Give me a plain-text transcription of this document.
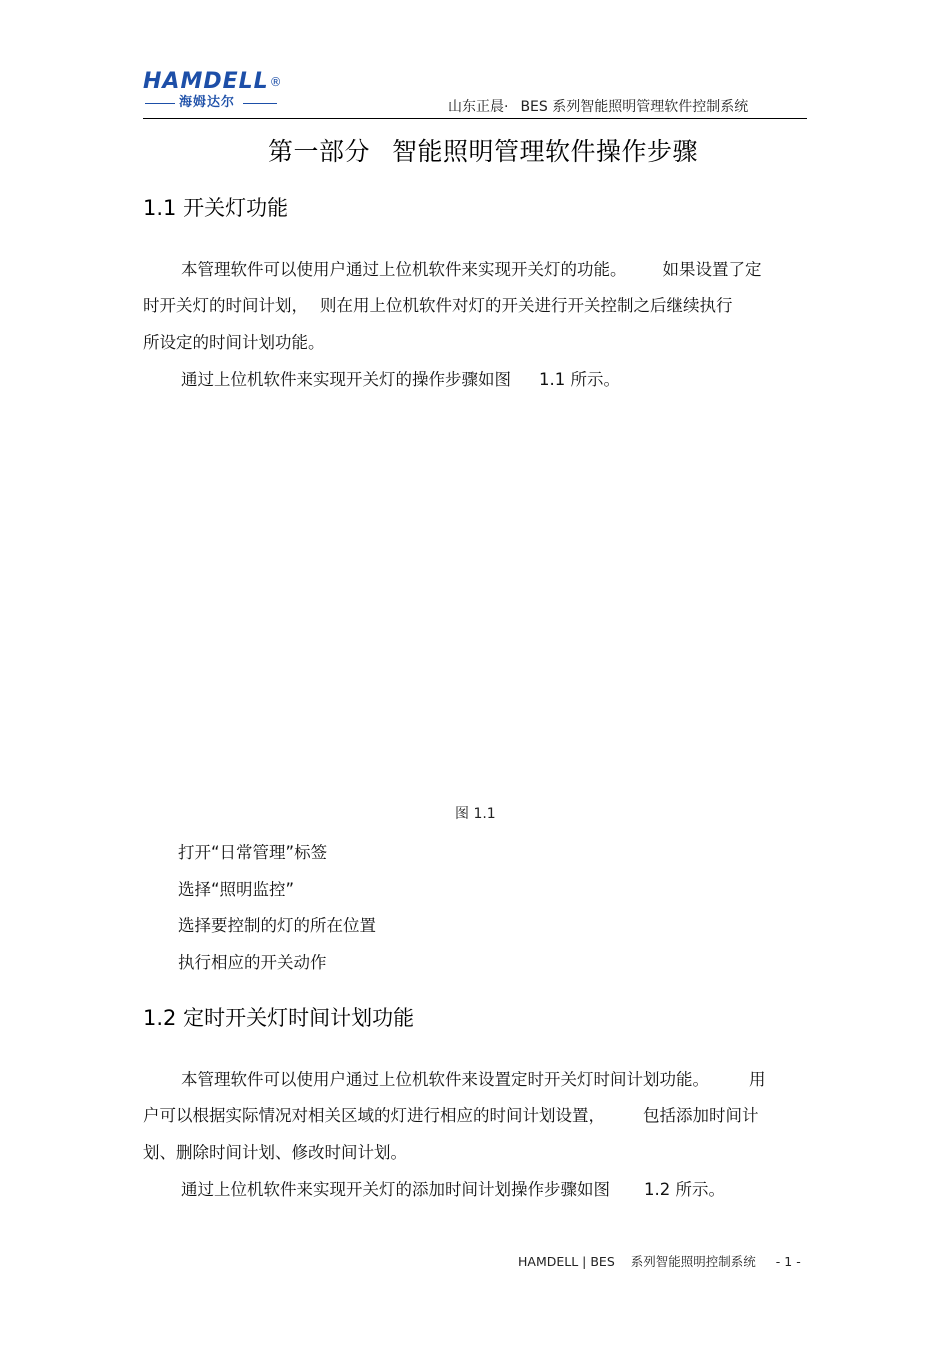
HAMDELL®
海姆达尔	山东正晨· BES 系列智能照明管理软件控制系统
第一部分 智能照明管理软件操作步骤
1.1 开关灯功能
本管理软件可以使用户通过上位机软件来实现开关灯的功能。 如果设置了定
时开关灯的时间计划， 则在用上位机软件对灯的开关进行开关控制之后继续执行
所设定的时间计划功能。
通过上位机软件来实现开关灯的操作步骤如图 1.1 所示。
图 1.1
打开“日常管理”标签
选择“照明监控”
选择要控制的灯的所在位置
执行相应的开关动作
1.2 定时开关灯时间计划功能
本管理软件可以使用户通过上位机软件来设置定时开关灯时间计划功能。 用
户可以根据实际情况对相关区域的灯进行相应的时间计划设置， 包括添加时间计
划、删除时间计划、修改时间计划。
通过上位机软件来实现开关灯的添加时间计划操作步骤如图 1.2 所示。
HAMDELL | BES 系列智能照明控制系统 - 1 -
